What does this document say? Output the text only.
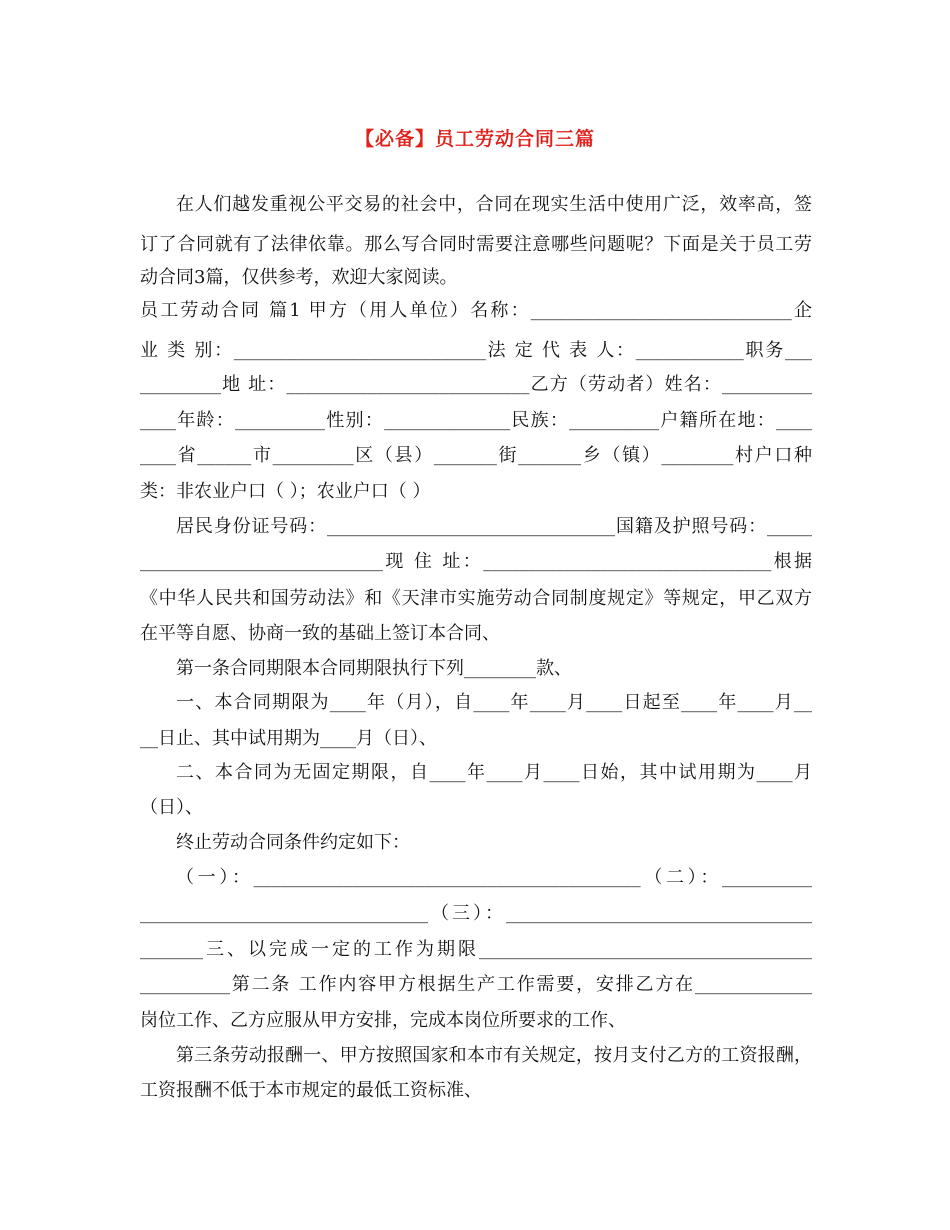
【必备】员工劳动合同三篇
在人们越发重视公平交易的社会中，合同在现实生活中使用广泛，效率高，签
订了合同就有了法律依靠。那么写合同时需要注意哪些问题呢？下面是关于员工劳
动合同3篇，仅供参考，欢迎大家阅读。
员工劳动合同 篇1 甲方（用人单位）名称：_____________________________企
业 类 别：____________________________法 定 代 表 人：____________职务___
_________地 址：___________________________乙方（劳动者）姓名：__________
____年龄：__________性别：______________民族：__________户籍所在地：____
____省______市_________区（县）_______街_______乡（镇）________村户口种
类：非农业户口（ ）；农业户口（ ）
居民身份证号码：________________________________国籍及护照号码：_____
___________________________现 住 址：________________________________根据
《中华人民共和国劳动法》和《天津市实施劳动合同制度规定》等规定，甲乙双方
在平等自愿、协商一致的基础上签订本合同、
第一条合同期限本合同期限执行下列________款、
一、本合同期限为____年（月），自____年____月____日起至____年____月__
__日止、其中试用期为____月（日）、
二、本合同为无固定期限，自____年____月____日始，其中试用期为____月
（日）、
终止劳动合同条件约定如下：
（一）：___________________________________________（二）：__________
________________________________（三）：__________________________________
_______三、以完成一定的工作为期限_____________________________________
__________第二条 工作内容甲方根据生产工作需要，安排乙方在_____________
岗位工作、乙方应服从甲方安排，完成本岗位所要求的工作、
第三条劳动报酬一、甲方按照国家和本市有关规定，按月支付乙方的工资报酬，
工资报酬不低于本市规定的最低工资标准、
